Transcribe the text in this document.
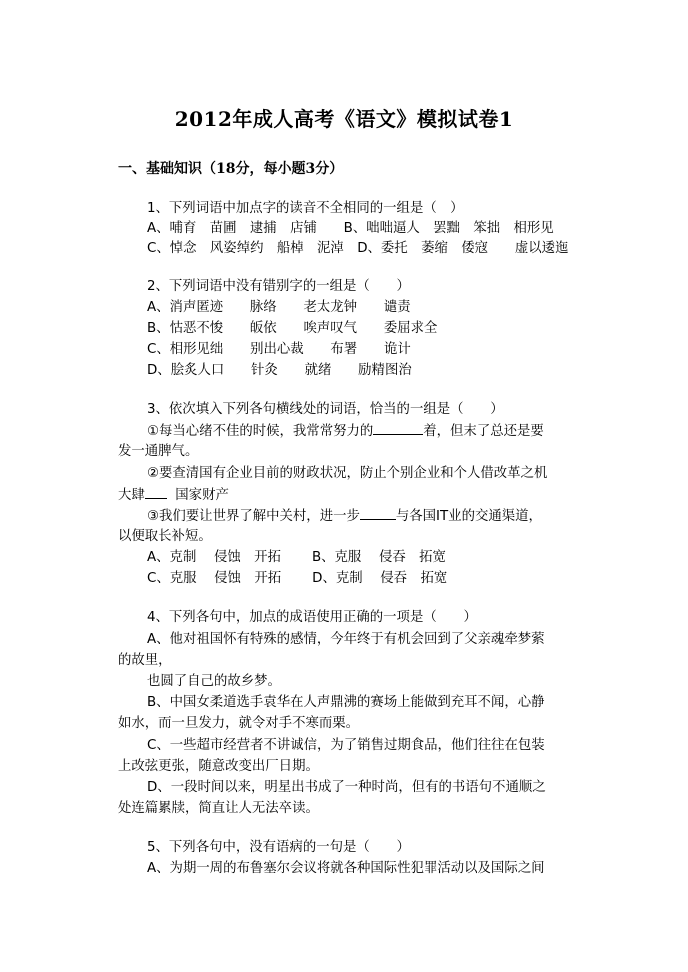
2012年成人高考《语文》模拟试卷1
一、基础知识（18分，每小题3分）
1、下列词语中加点字的读音不全相同的一组是（　）
A、哺育　苗圃　逮捕　店铺　　B、咄咄逼人　罢黜　笨拙　相形见
C、悼念　风姿绰约　船棹　泥淖　D、委托　萎缩　倭寇　　虚以逶迤
2、下列词语中没有错别字的一组是（　　）
A、消声匿迹　　脉络　　老太龙钟　　谴责
B、怙恶不悛　　皈依　　唉声叹气　　委屈求全
C、相形见绌　　别出心裁　　布署　　诡计
D、脍炙人口　　针灸　　就绪　　励精图治
3、依次填入下列各句横线处的词语，恰当的一组是（　　）
①每当心绪不佳的时候，我常常努力的	着，但末了总还是要
发一通脾气。
②要查清国有企业目前的财政状况，防止个别企业和个人借改革之机
大肆  国家财产
③我们要让世界了解中关村，进一步	与各国IT业的交通渠道，
以便取长补短。
A、克制　 侵蚀　开拓　　 B、克服　 侵吞　拓宽
C、克服　 侵蚀　开拓　　 D、克制　 侵吞　拓宽
4、下列各句中，加点的成语使用正确的一项是（　　）
A、他对祖国怀有特殊的感情，今年终于有机会回到了父亲魂牵梦萦
的故里，
也圆了自己的故乡梦。
B、中国女柔道选手袁华在人声鼎沸的赛场上能做到充耳不闻，心静
如水，而一旦发力，就令对手不寒而栗。
C、一些超市经营者不讲诚信，为了销售过期食品，他们往往在包装
上改弦更张，随意改变出厂日期。
D、一段时间以来，明星出书成了一种时尚，但有的书语句不通顺之
处连篇累牍，简直让人无法卒读。
5、下列各句中，没有语病的一句是（　　）
A、为期一周的布鲁塞尔会议将就各种国际性犯罪活动以及国际之间
